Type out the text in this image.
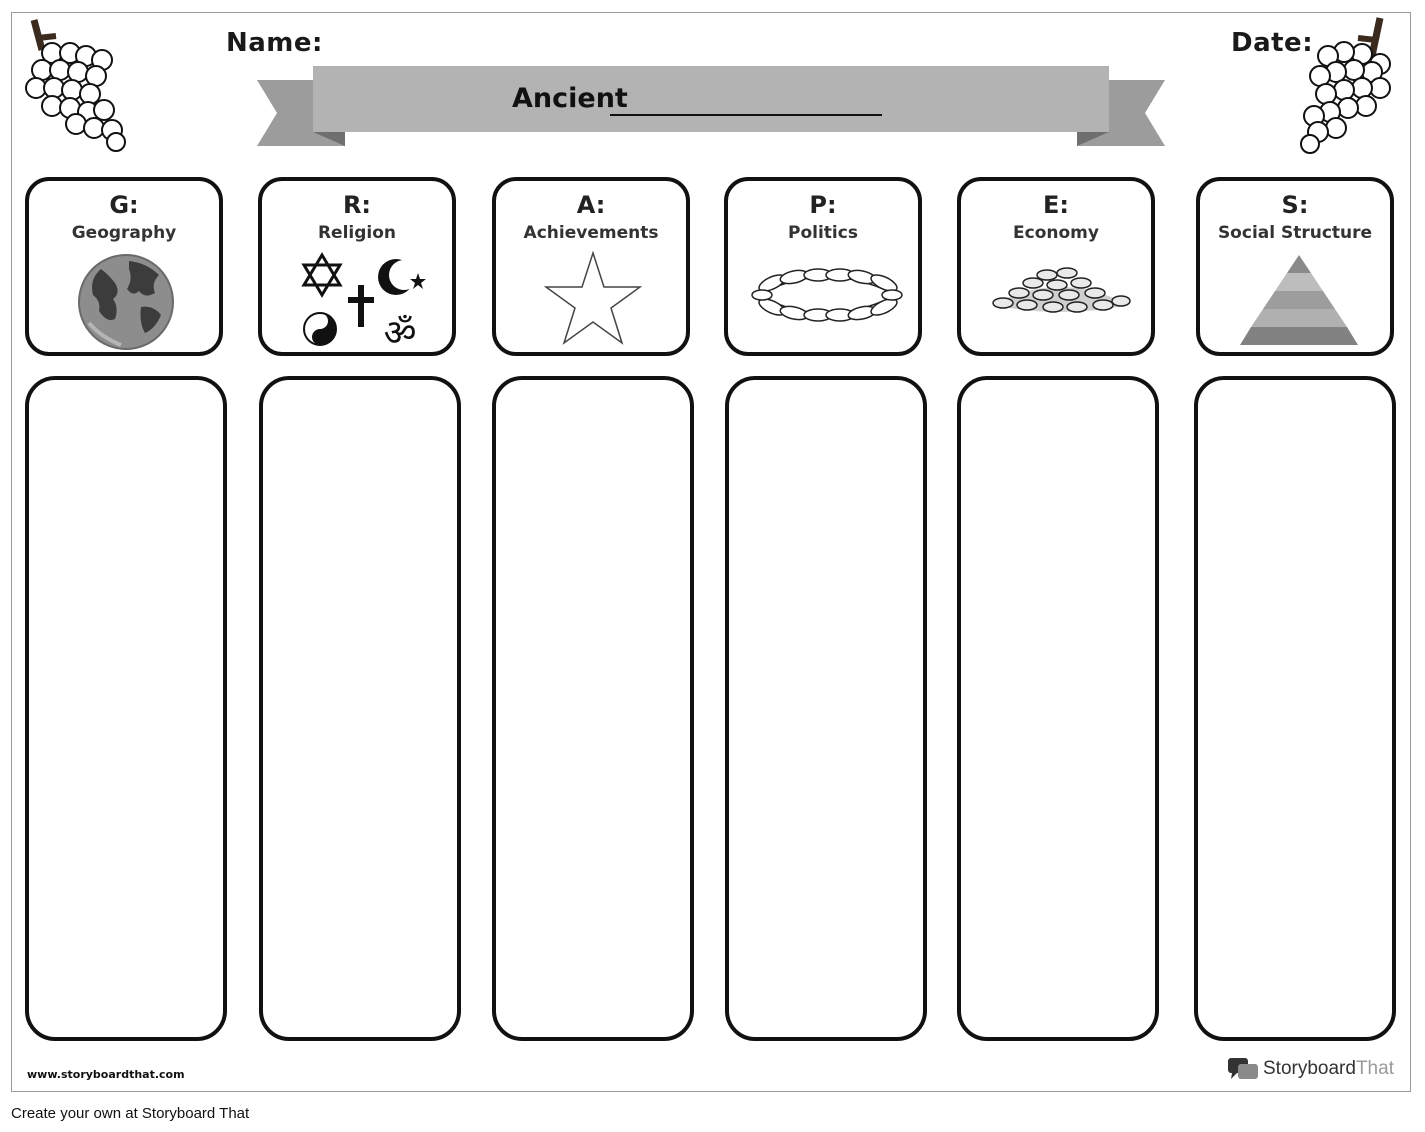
Name:	Date:
Ancient
G:
Geography
R:
Religion
ॐ
A:
Achievements
P:
Politics
E:
Economy
S:
Social Structure
www.storyboardthat.com	StoryboardThat
Create your own at Storyboard That
